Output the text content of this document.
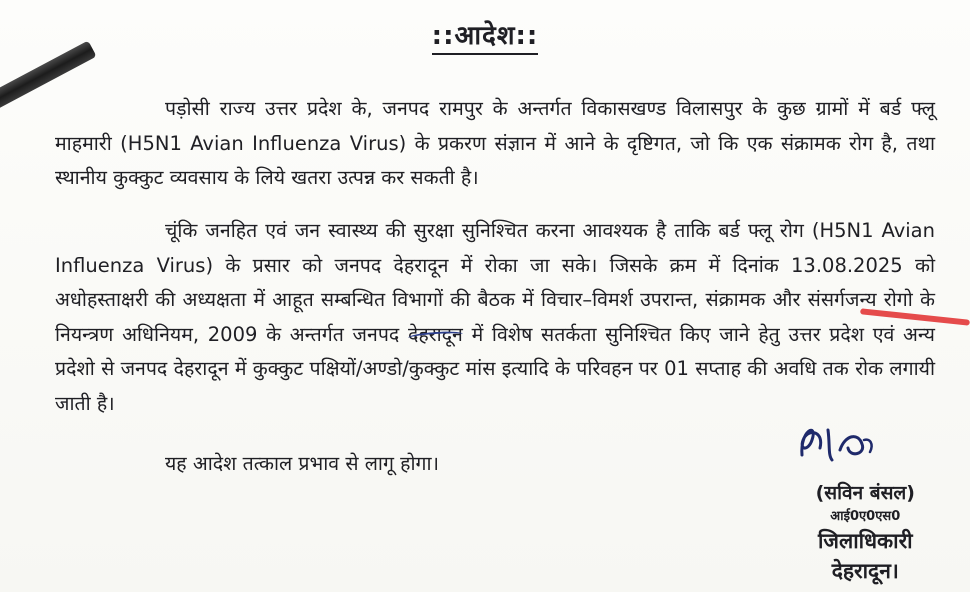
::आदेश::
पड़ोसी राज्य उत्तर प्रदेश के, जनपद रामपुर के अन्तर्गत विकासखण्ड विलासपुर के कुछ ग्रामों में बर्ड फ्लू माहमारी (H5N1 Avian Influenza Virus) के प्रकरण संज्ञान में आने के दृष्टिगत, जो कि एक संक्रामक रोग है, तथा स्थानीय कुक्कुट व्यवसाय के लिये खतरा उत्पन्न कर सकती है।
चूंकि जनहित एवं जन स्वास्थ्य की सुरक्षा सुनिश्चित करना आवश्यक है ताकि बर्ड फ्लू रोग (H5N1 Avian Influenza Virus) के प्रसार को जनपद देहरादून में रोका जा सके। जिसके क्रम में दिनांक 13.08.2025 को अधोहस्ताक्षरी की अध्यक्षता में आहूत सम्बन्धित विभागों की बैठक में विचार–विमर्श उपरान्त, संक्रामक और संसर्गजन्य रोगो के नियन्त्रण अधिनियम, 2009 के अन्तर्गत जनपद देहरादून में विशेष सतर्कता सुनिश्चित किए जाने हेतु उत्तर प्रदेश एवं अन्य प्रदेशो से जनपद देहरादून में कुक्कुट पक्षियों/अण्डो/कुक्कुट मांस इत्यादि के परिवहन पर 01 सप्ताह की अवधि तक रोक लगायी जाती है।
यह आदेश तत्काल प्रभाव से लागू होगा।
(सविन बंसल)
आई0ए0एस0
जिलाधिकारी
देहरादून।
